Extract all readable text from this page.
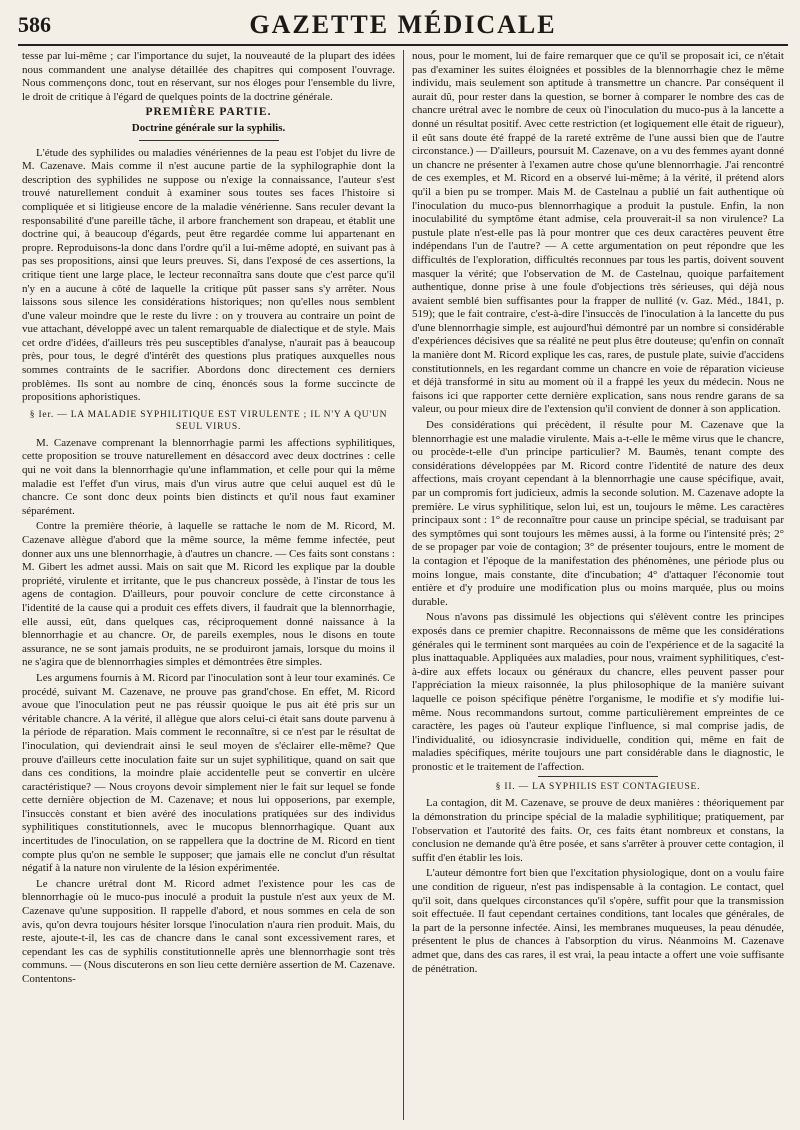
586	GAZETTE MÉDICALE

tesse par lui-même ; car l'importance du sujet, la nouveauté de la plupart des idées nous commandent une analyse détaillée des chapitres qui composent l'ouvrage. Nous commençons donc, tout en réservant, sur nos éloges pour l'ensemble du livre, le droit de critique à l'égard de quelques points de la doctrine générale.

PREMIÈRE PARTIE.
Doctrine générale sur la syphilis.

L'étude des syphilides ou maladies vénériennes de la peau est l'objet du livre de M. Cazenave. Mais comme il n'est aucune partie de la syphilographie dont la description des syphilides ne suppose ou n'exige la connaissance, l'auteur s'est trouvé naturellement conduit à examiner sous toutes ses faces l'histoire si compliquée et si litigieuse encore de la maladie vénérienne. Sans reculer devant la responsabilité d'une pareille tâche, il arbore franchement son drapeau, et établit une doctrine qui, à beaucoup d'égards, peut être regardée comme lui appartenant en propre. Reproduisons-la donc dans l'ordre qu'il a lui-même adopté, en suivant pas à pas ses propositions, ainsi que leurs preuves. Si, dans l'exposé de ces assertions, la critique tient une large place, le lecteur reconnaîtra sans doute que c'est parce qu'il n'y en a aucune à côté de laquelle la critique pût passer sans s'y arrêter. Nous laissons sous silence les considérations historiques; non qu'elles nous semblent d'une valeur moindre que le reste du livre : on y trouvera au contraire un point de vue attachant, développé avec un talent remarquable de dialectique et de style. Mais cet ordre d'idées, d'ailleurs très peu susceptibles d'analyse, n'aurait pas à beaucoup près, pour tous, le degré d'intérêt des questions plus pratiques auxquelles nous sommes contraints de le sacrifier. Abordons donc directement ces derniers problèmes. Ils sont au nombre de cinq, énoncés sous la forme succincte de propositions aphoristiques.

§ Ier. — LA MALADIE SYPHILITIQUE EST VIRULENTE ; IL N'Y A QU'UN SEUL VIRUS.

M. Cazenave comprenant la blennorrhagie parmi les affections syphilitiques, cette proposition se trouve naturellement en désaccord avec deux doctrines : celle qui ne voit dans la blennorrhagie qu'une inflammation, et celle pour qui la même maladie est l'effet d'un virus, mais d'un virus autre que celui auquel est dû le chancre. Ce sont donc deux points bien distincts et qu'il nous faut examiner séparément.

Contre la première théorie, à laquelle se rattache le nom de M. Ricord, M. Cazenave allègue d'abord que la même source, la même femme infectée, peut donner aux uns une blennorrhagie, à d'autres un chancre. — Ces faits sont constans : M. Gibert les admet aussi. Mais on sait que M. Ricord les explique par la double propriété, virulente et irritante, que le pus chancreux possède, à l'instar de tous les agens de contagion. D'ailleurs, pour pouvoir conclure de cette circonstance à l'identité de la cause qui a produit ces effets divers, il faudrait que la blennorrhagie, elle aussi, eût, dans quelques cas, réciproquement donné naissance à la blennorrhagie et au chancre. Or, de pareils exemples, nous le disons en toute assurance, ne se sont jamais produits, ne se produiront jamais, lorsque du moins il ne s'agira que de blennorrhagies simples et démontrées être simples.

Les argumens fournis à M. Ricord par l'inoculation sont à leur tour examinés. Ce procédé, suivant M. Cazenave, ne prouve pas grand'chose. En effet, M. Ricord avoue que l'inoculation peut ne pas réussir quoique le pus ait été pris sur un véritable chancre. A la vérité, il allègue que alors celui-ci était sans doute parvenu à la période de réparation. Mais comment le reconnaître, si ce n'est par le résultat de l'inoculation, qui deviendrait ainsi le seul moyen de s'éclairer elle-même? Que prouve d'ailleurs cette inoculation faite sur un sujet syphilitique, quand on sait que dans ces conditions, la moindre plaie accidentelle peut se convertir en ulcère caractéristique? — Nous croyons devoir simplement nier le fait sur lequel se fonde cette dernière objection de M. Cazenave; et nous lui opposerions, par exemple, l'insuccès constant et bien avéré des inoculations pratiquées sur des individus syphilitiques constitutionnels, avec le mucopus blennorrhagique. Quant aux incertitudes de l'inoculation, on se rappellera que la doctrine de M. Ricord en tient compte plus qu'on ne semble le supposer; que jamais elle ne conclut d'un résultat négatif à la nature non virulente de la lésion expérimentée.

Le chancre urétral dont M. Ricord admet l'existence pour les cas de blennorrhagie où le muco-pus inoculé a produit la pustule n'est aux yeux de M. Cazenave qu'une supposition. Il rappelle d'abord, et nous sommes en cela de son avis, qu'on devra toujours hésiter lorsque l'inoculation n'aura rien produit. Mais, du reste, ajoute-t-il, les cas de chancre dans le canal sont excessivement rares, et cependant les cas de syphilis constitutionnelle après une blennorrhagie sont très communs. — (Nous discuterons en son lieu cette dernière assertion de M. Cazenave. Contentons-

nous, pour le moment, lui de faire remarquer que ce qu'il se proposait ici, ce n'était pas d'examiner les suites éloignées et possibles de la blennorrhagie chez le même individu, mais seulement son aptitude à transmettre un chancre. Par conséquent il aurait dû, pour rester dans la question, se borner à comparer le nombre des cas de chancre urétral avec le nombre de ceux où l'inoculation du muco-pus à la lancette a donné un résultat positif. Avec cette restriction (et logiquement elle était de rigueur), il eût sans doute été frappé de la rareté extrême de l'une aussi bien que de l'autre circonstance.) — D'ailleurs, poursuit M. Cazenave, on a vu des femmes ayant donné un chancre ne présenter à l'examen autre chose qu'une blennorrhagie. J'ai rencontré de ces exemples, et M. Ricord en a observé lui-même; à la vérité, il prétend alors qu'il a bien pu se tromper. Mais M. de Castelnau a publié un fait authentique où l'inoculation du muco-pus blennorrhagique a produit la pustule. Enfin, la non inoculabilité du symptôme étant admise, cela prouverait-il sa non virulence? La pustule plate n'est-elle pas là pour montrer que ces deux caractères peuvent être indépendans l'un de l'autre? — A cette argumentation on peut répondre que les difficultés de l'exploration, difficultés reconnues par tous les partis, doivent souvent masquer la vérité; que l'observation de M. de Castelnau, quoique parfaitement authentique, donne prise à une foule d'objections très sérieuses, qui déjà nous avaient semblé bien suffisantes pour la frapper de nullité (v. Gaz. Méd., 1841, p. 519); que le fait contraire, c'est-à-dire l'insuccès de l'inoculation à la lancette du pus d'une blennorrhagie simple, est aujourd'hui démontré par un nombre si considérable d'expériences décisives que sa réalité ne peut plus être douteuse; qu'enfin on connaît la manière dont M. Ricord explique les cas, rares, de pustule plate, suivie d'accidens constitutionnels, en les regardant comme un chancre en voie de réparation vicieuse et déjà transformé in situ au moment où il a frappé les yeux du médecin. Nous ne faisons ici que rapporter cette dernière explication, sans nous rendre garans de sa valeur, ou pour mieux dire de l'extension qu'il convient de donner à son application.

Des considérations qui précèdent, il résulte pour M. Cazenave que la blennorrhagie est une maladie virulente. Mais a-t-elle le même virus que le chancre, ou procède-t-elle d'un principe particulier? M. Baumès, tenant compte des considérations développées par M. Ricord contre l'identité de nature des deux affections, mais croyant cependant à la blennorrhagie une cause spécifique, avait, par un compromis fort judicieux, admis la seconde solution. M. Cazenave adopte la première. Le virus syphilitique, selon lui, est un, toujours le même. Les caractères principaux sont : 1° de reconnaître pour cause un principe spécial, se traduisant par des symptômes qui sont toujours les mêmes aussi, à la forme ou l'intensité près; 2° de se propager par voie de contagion; 3° de présenter toujours, entre le moment de la contagion et l'époque de la manifestation des phénomènes, une période plus ou moins longue, mais constante, dite d'incubation; 4° d'attaquer l'économie tout entière et d'y produire une modification plus ou moins marquée, plus ou moins durable.

Nous n'avons pas dissimulé les objections qui s'élèvent contre les principes exposés dans ce premier chapitre. Reconnaissons de même que les considérations générales qui le terminent sont marquées au coin de l'expérience et de la sagacité la plus inattaquable. Appliquées aux maladies, pour nous, vraiment syphilitiques, c'est-à-dire aux effets locaux ou généraux du chancre, elles peuvent passer pour l'appréciation la mieux raisonnée, la plus philosophique de la manière suivant laquelle ce poison spécifique pénètre l'organisme, le modifie et s'y modifie lui-même. Nous recommandons surtout, comme particulièrement empreintes de ce caractère, les pages où l'auteur explique l'influence, si mal comprise jadis, de l'individualité, ou idiosyncrasie individuelle, condition qui, même en fait de maladies spécifiques, mérite toujours une part considérable dans le diagnostic, le pronostic et le traitement de l'affection.

§ II. — LA SYPHILIS EST CONTAGIEUSE.

La contagion, dit M. Cazenave, se prouve de deux manières : théoriquement par la démonstration du principe spécial de la maladie syphilitique; pratiquement, par l'observation et l'autorité des faits. Or, ces faits étant nombreux et constans, la conclusion ne demande qu'à être posée, et sans s'arrêter à prouver cette contagion, il suffit d'en établir les lois.

L'auteur démontre fort bien que l'excitation physiologique, dont on a voulu faire une condition de rigueur, n'est pas indispensable à la contagion. Le contact, quel qu'il soit, dans quelques circonstances qu'il s'opère, suffit pour que la transmission soit effectuée. Il faut cependant certaines conditions, tant locales que générales, de la part de la personne infectée. Ainsi, les membranes muqueuses, la peau dénudée, présentent le plus de chances à l'absorption du virus. Néanmoins M. Cazenave admet que, dans des cas rares, il est vrai, la peau intacte a offert une voie suffisante de pénétration.
